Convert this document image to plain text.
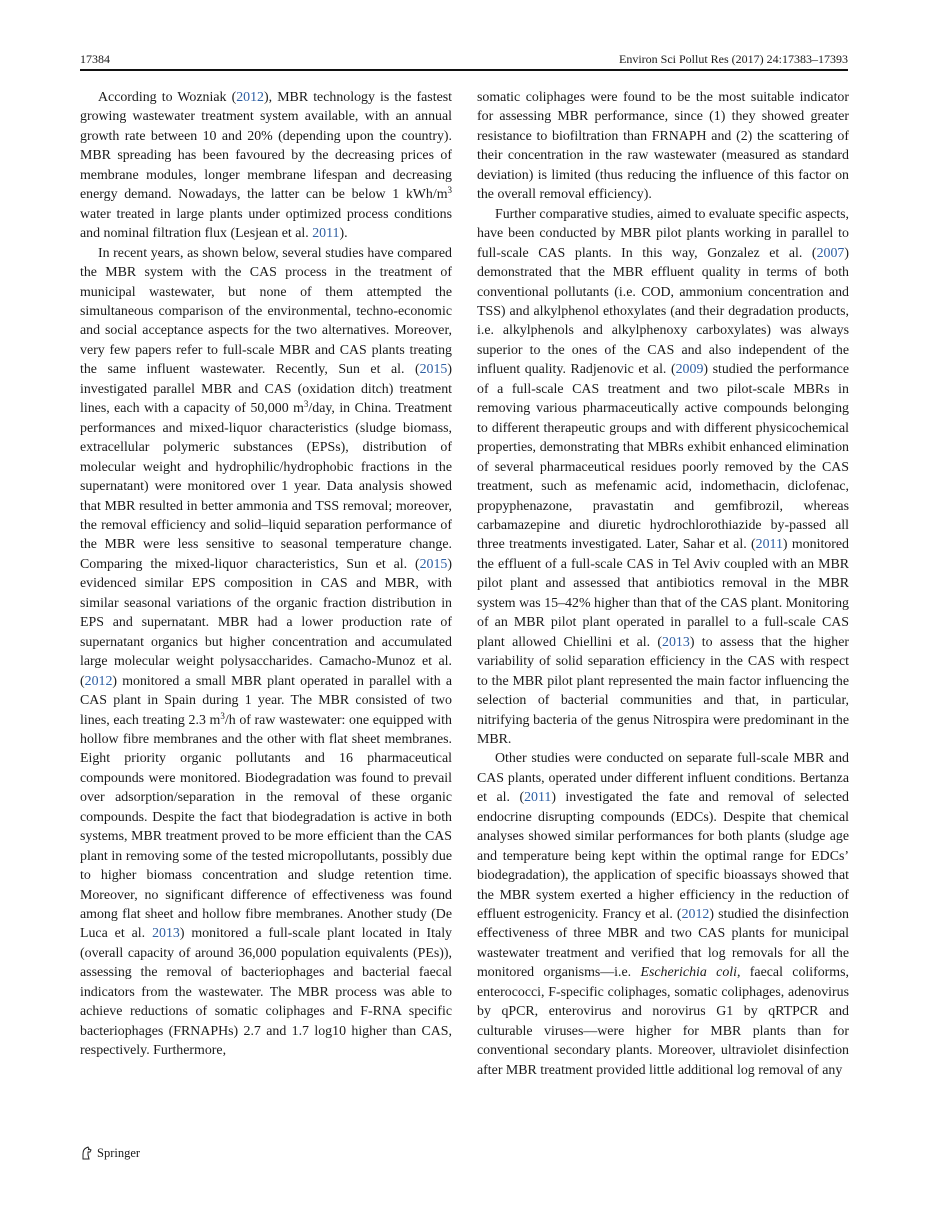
17384	Environ Sci Pollut Res (2017) 24:17383–17393

According to Wozniak (2012), MBR technology is the fastest growing wastewater treatment system available, with an annual growth rate between 10 and 20% (depending upon the country). MBR spreading has been favoured by the decreasing prices of membrane modules, longer membrane lifespan and decreasing energy demand. Nowadays, the latter can be below 1 kWh/$m^3$ water treated in large plants under optimized process conditions and nominal filtration flux (Lesjean et al. 2011).

In recent years, as shown below, several studies have compared the MBR system with the CAS process in the treatment of municipal wastewater, but none of them attempted the simultaneous comparison of the environmental, techno-economic and social acceptance aspects for the two alternatives. Moreover, very few papers refer to full-scale MBR and CAS plants treating the same influent wastewater. Recently, Sun et al. (2015) investigated parallel MBR and CAS (oxidation ditch) treatment lines, each with a capacity of 50,000 $m^3$/day, in China. Treatment performances and mixed-liquor characteristics (sludge biomass, extracellular polymeric substances (EPSs), distribution of molecular weight and hydrophilic/hydrophobic fractions in the supernatant) were monitored over 1 year. Data analysis showed that MBR resulted in better ammonia and TSS removal; moreover, the removal efficiency and solid–liquid separation performance of the MBR were less sensitive to seasonal temperature change. Comparing the mixed-liquor characteristics, Sun et al. (2015) evidenced similar EPS composition in CAS and MBR, with similar seasonal variations of the organic fraction distribution in EPS and supernatant. MBR had a lower production rate of supernatant organics but higher concentration and accumulated large molecular weight polysaccharides. Camacho-Munoz et al. (2012) monitored a small MBR plant operated in parallel with a CAS plant in Spain during 1 year. The MBR consisted of two lines, each treating 2.3 $m^3/h$ of raw wastewater: one equipped with hollow fibre membranes and the other with flat sheet membranes. Eight priority organic pollutants and 16 pharmaceutical compounds were monitored. Biodegradation was found to prevail over adsorption/separation in the removal of these organic compounds. Despite the fact that biodegradation is active in both systems, MBR treatment proved to be more efficient than the CAS plant in removing some of the tested micropollutants, possibly due to higher biomass concentration and sludge retention time. Moreover, no significant difference of effectiveness was found among flat sheet and hollow fibre membranes. Another study (De Luca et al. 2013) monitored a full-scale plant located in Italy (overall capacity of around 36,000 population equivalents (PEs)), assessing the removal of bacteriophages and bacterial faecal indicators from the wastewater. The MBR process was able to achieve reductions of somatic coliphages and F-RNA specific bacteriophages (FRNAPHs) 2.7 and 1.7 log10 higher than CAS, respectively. Furthermore,

somatic coliphages were found to be the most suitable indicator for assessing MBR performance, since (1) they showed greater resistance to biofiltration than FRNAPH and (2) the scattering of their concentration in the raw wastewater (measured as standard deviation) is limited (thus reducing the influence of this factor on the overall removal efficiency).

Further comparative studies, aimed to evaluate specific aspects, have been conducted by MBR pilot plants working in parallel to full-scale CAS plants. In this way, Gonzalez et al. (2007) demonstrated that the MBR effluent quality in terms of both conventional pollutants (i.e. COD, ammonium concentration and TSS) and alkylphenol ethoxylates (and their degradation products, i.e. alkylphenols and alkylphenoxy carboxylates) was always superior to the ones of the CAS and also independent of the influent quality. Radjenovic et al. (2009) studied the performance of a full-scale CAS treatment and two pilot-scale MBRs in removing various pharmaceutically active compounds belonging to different therapeutic groups and with different physicochemical properties, demonstrating that MBRs exhibit enhanced elimination of several pharmaceutical residues poorly removed by the CAS treatment, such as mefenamic acid, indomethacin, diclofenac, propyphenazone, pravastatin and gemfibrozil, whereas carbamazepine and diuretic hydrochlorothiazide by-passed all three treatments investigated. Later, Sahar et al. (2011) monitored the effluent of a full-scale CAS in Tel Aviv coupled with an MBR pilot plant and assessed that antibiotics removal in the MBR system was 15–42% higher than that of the CAS plant. Monitoring of an MBR pilot plant operated in parallel to a full-scale CAS plant allowed Chiellini et al. (2013) to assess that the higher variability of solid separation efficiency in the CAS with respect to the MBR pilot plant represented the main factor influencing the selection of bacterial communities and that, in particular, nitrifying bacteria of the genus Nitrospira were predominant in the MBR.

Other studies were conducted on separate full-scale MBR and CAS plants, operated under different influent conditions. Bertanza et al. (2011) investigated the fate and removal of selected endocrine disrupting compounds (EDCs). Despite that chemical analyses showed similar performances for both plants (sludge age and temperature being kept within the optimal range for EDCs’ biodegradation), the application of specific bioassays showed that the MBR system exerted a higher efficiency in the reduction of effluent estrogenicity. Francy et al. (2012) studied the disinfection effectiveness of three MBR and two CAS plants for municipal wastewater treatment and verified that log removals for all the monitored organisms—i.e. Escherichia coli, faecal coliforms, enterococci, F-specific coliphages, somatic coliphages, adenovirus by qPCR, enterovirus and norovirus G1 by qRTPCR and culturable viruses—were higher for MBR plants than for conventional secondary plants. Moreover, ultraviolet disinfection after MBR treatment provided little additional log removal of any

Springer
